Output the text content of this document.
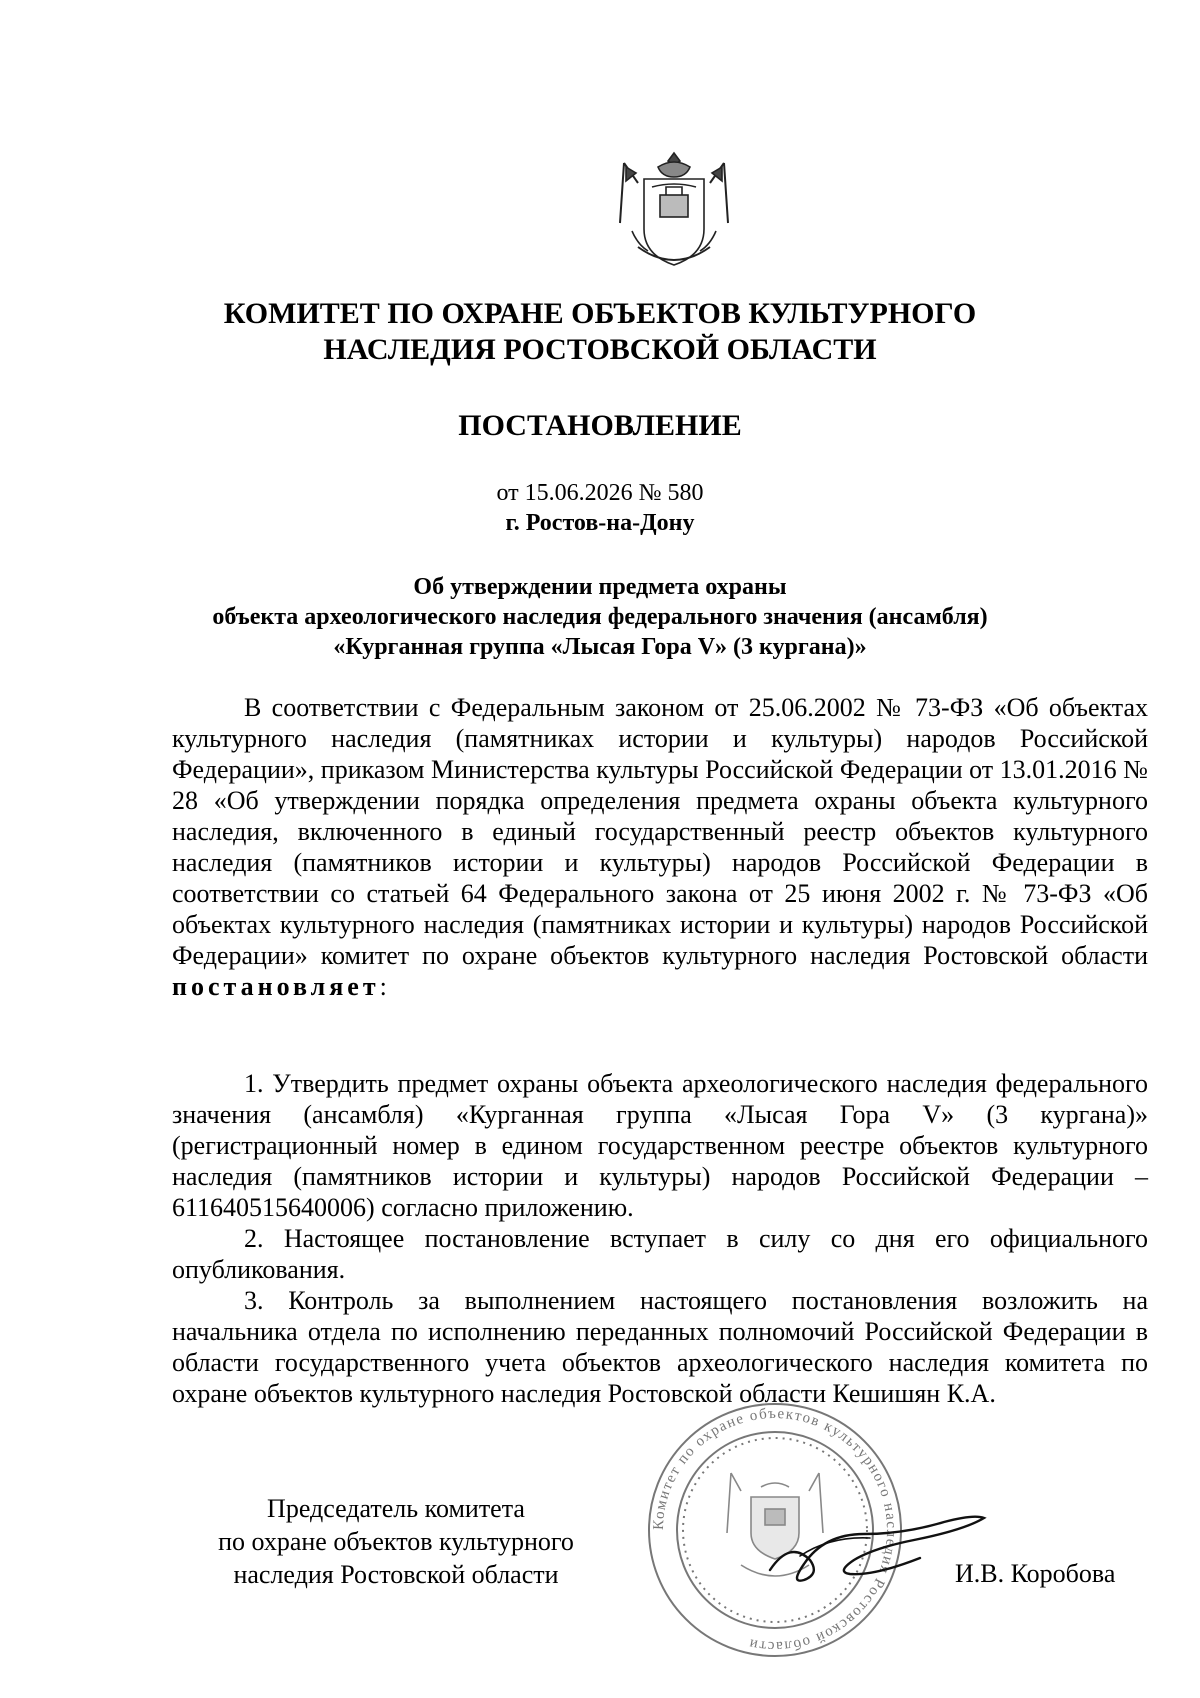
КОМИТЕТ ПО ОХРАНЕ ОБЪЕКТОВ КУЛЬТУРНОГО
НАСЛЕДИЯ РОСТОВСКОЙ ОБЛАСТИ
ПОСТАНОВЛЕНИЕ
от 15.06.2026 № 580
г. Ростов-на-Дону
Об утверждении предмета охраны
объекта археологического наследия федерального значения (ансамбля)
«Курганная группа «Лысая Гора V» (3 кургана)»

В соответствии с Федеральным законом от 25.06.2002 № 73-ФЗ «Об объектах культурного наследия (памятниках истории и культуры) народов Российской Федерации», приказом Министерства культуры Российской Федерации от 13.01.2016 № 28 «Об утверждении порядка определения предмета охраны объекта культурного наследия, включенного в единый государственный реестр объектов культурного наследия (памятников истории и культуры) народов Российской Федерации в соответствии со статьей 64 Федерального закона от 25 июня 2002 г. № 73-ФЗ «Об объектах культурного наследия (памятниках истории и культуры) народов Российской Федерации» комитет по охране объектов культурного наследия Ростовской области постановляет:

1. Утвердить предмет охраны объекта археологического наследия федерального значения (ансамбля) «Курганная группа «Лысая Гора V» (3 кургана)» (регистрационный номер в едином государственном реестре объектов культурного наследия (памятников истории и культуры) народов Российской Федерации – 611640515640006) согласно приложению.

2. Настоящее постановление вступает в силу со дня его официального опубликования.

3. Контроль за выполнением настоящего постановления возложить на начальника отдела по исполнению переданных полномочий Российской Федерации в области государственного учета объектов археологического наследия комитета по охране объектов культурного наследия Ростовской области Кешишян К.А.

Комитет по охране объектов культурного наследия Ростовской области
Председатель комитета
по охране объектов культурного
наследия Ростовской области	И.В. Коробова
